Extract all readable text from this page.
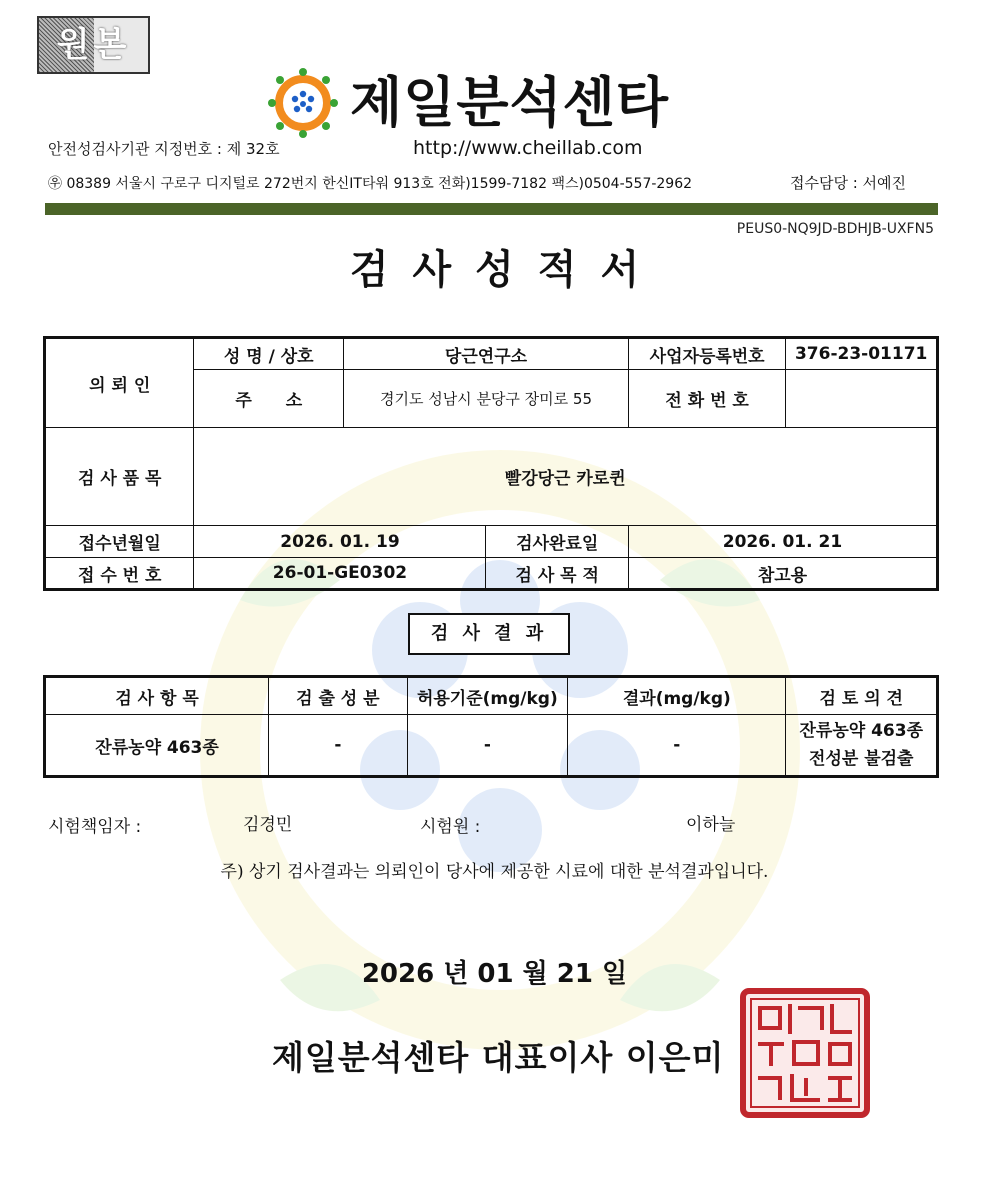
원본
제일분석센타
안전성검사기관 지정번호 : 제 32호	http://www.cheillab.com
㉾ 08389 서울시 구로구 디지털로 272번지 한신IT타워 913호 전화)1599-7182 팩스)0504-557-2962	접수담당 : 서예진
PEUS0-NQ9JD-BDHJB-UXFN5
검사성적서
의 뢰 인	성 명 / 상호	당근연구소		사업자등록번호	376-23-01171
	주　　소	경기도 성남시 분당구 장미로 55		전 화 번 호	
검 사 품 목	빨강당근 카로퀸				
접수년월일	2026. 01. 19		검사완료일	2026. 01. 21	
접 수 번 호	26-01-GE0302		검 사 목 적	참고용	
검 사 결 과
검 사 항 목	검 출 성 분	허용기준(mg/kg)	결과(mg/kg)	검 토 의 견
잔류농약 463종	-	-	-	잔류농약 463종
전성분 불검출
시험책임자 :	김경민	시험원 :	이하늘
주) 상기 검사결과는 의뢰인이 당사에 제공한 시료에 대한 분석결과입니다.
2026 년 01 월 21 일
제일분석센타 대표이사 이은미
